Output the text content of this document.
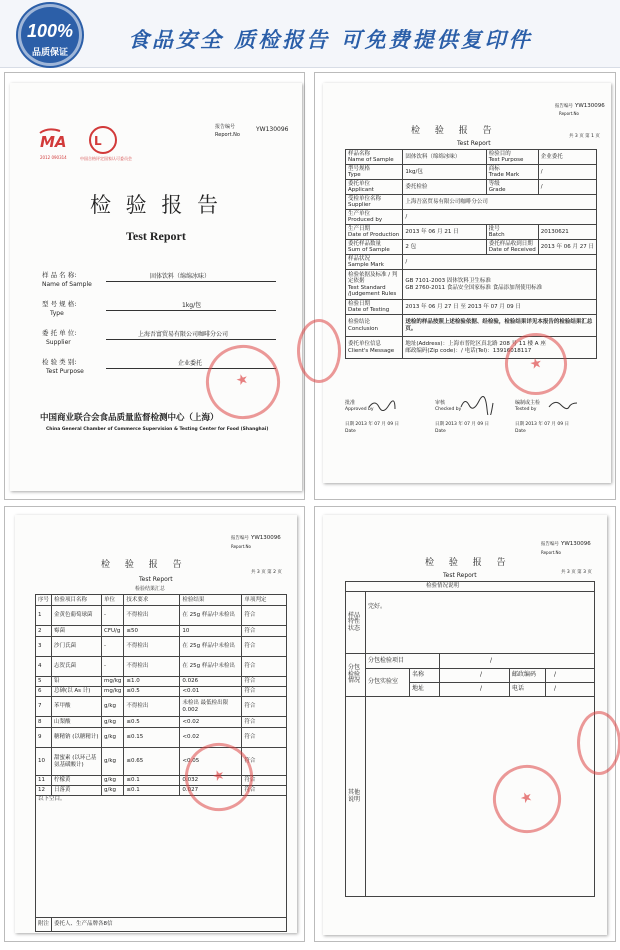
100%
品质保证
食品安全 质检报告 可免费提供复印件
MA
2012 090314
L
中国合格评定国家认可委员会
报告编号
Report.No
YW130096
检 验 报 告
Test Report
样 品 名 称:
Name of Sample
固体饮料（绵绵冰味）
型 号 规 格:
Type
1kg/包
委 托 单 位:
Supplier
上海吾富贸易有限公司咖啡分公司
检 验 类 别:
Test Purpose
企业委托
中国商业联合会食品质量监督检测中心（上海）
China General Chamber of Commerce Supervision & Testing Center for Food (Shanghai)
★
报告编号 YW130096
Report.No
共 3 页 第 1 页
检 验 报 告
Test Report
样品名称
Name of Sample	固体饮料（绵绵冰味）	检验目的
Test Purpose	企业委托
型号规格
Type	1kg/包	商标
Trade Mark	/
委托单位
Applicant	委托检验	等级
Grade	/
受检单位名称
Supplier	上海吾富贸易有限公司咖啡分公司		
生产单位
Produced by	/		
生产日期
Date of Production	2013 年 06 月 21 日	批号
Batch	20130621
委托样品数量
Sum of Sample	2 包	委托样品收到日期
Date of Received	2013 年 06 月 27 日
样品状况
Sample Mark	/		
检验依据及标准 / 判定依据
Test Standard /Judgement Rules	GB 7101-2003 固体饮料卫生标准
GB 2760-2011 食品安全国家标准 食品添加剂使用标准		
检验日期
Date of Testing	2013 年 06 月 27 日 至 2013 年 07 月 09 日		
检验结论
Conclusion	送检的样品按照上述检验依据、经检验，检验结果详见本报告的检验结果汇总页。		
委托单位信息
Client's Message	地址(Address)：上海市普陀区真北路 208 号 11 楼 A 座
邮政编码(Zip code)：/ 电话(Tel)：13916018117		
批准
Approved by
审核
Checked by
编制或主检
Tested by
日期 2013 年 07 月 09 日	日期 2013 年 07 月 09 日	日期 2013 年 07 月 09 日
Date	Date	Date
★
报告编号 YW130096
Report.No
共 3 页 第 2 页
检 验 报 告
Test Report
检验结果汇总
序号	检验项目名称	单位	技术要求	检验结果	单项判定
1	金黄色葡萄球菌	-	不得检出	在 25g 样品中未检出	符合
2	霉菌	CFU/g	≤50	10	符合
3	沙门氏菌	-	不得检出	在 25g 样品中未检出	符合
4	志贺氏菌	-	不得检出	在 25g 样品中未检出	符合
5	铅	mg/kg	≤1.0	0.026	符合
6	总砷(以 As 计)	mg/kg	≤0.5	<0.01	符合
7	苯甲酸	g/kg	不得检出	未检出 最低检出限 0.002	符合
8	山梨酸	g/kg	≤0.5	<0.02	符合
9	糖精钠 (以糖精计)	g/kg	≤0.15	<0.02	符合
10	甜蜜素 (以环己基氨基磺酸计)	g/kg	≤0.65	<0.05	符合
11	柠檬黄	g/kg	≤0.1	0.032	符合
12	日落黄	g/kg	≤0.1	0.027	符合
以下空白。					
附注	委托人、生产品牌各8信				
★
报告编号 YW130096
Report.No
共 3 页 第 3 页
检 验 报 告
Test Report
检验情况说明					
样品特性状态	完好。				
分包检验情况	分包检验项目		/		
	分包实验室	名称	/	邮政编码	/
		地址	/	电话	/
其他说明						★
